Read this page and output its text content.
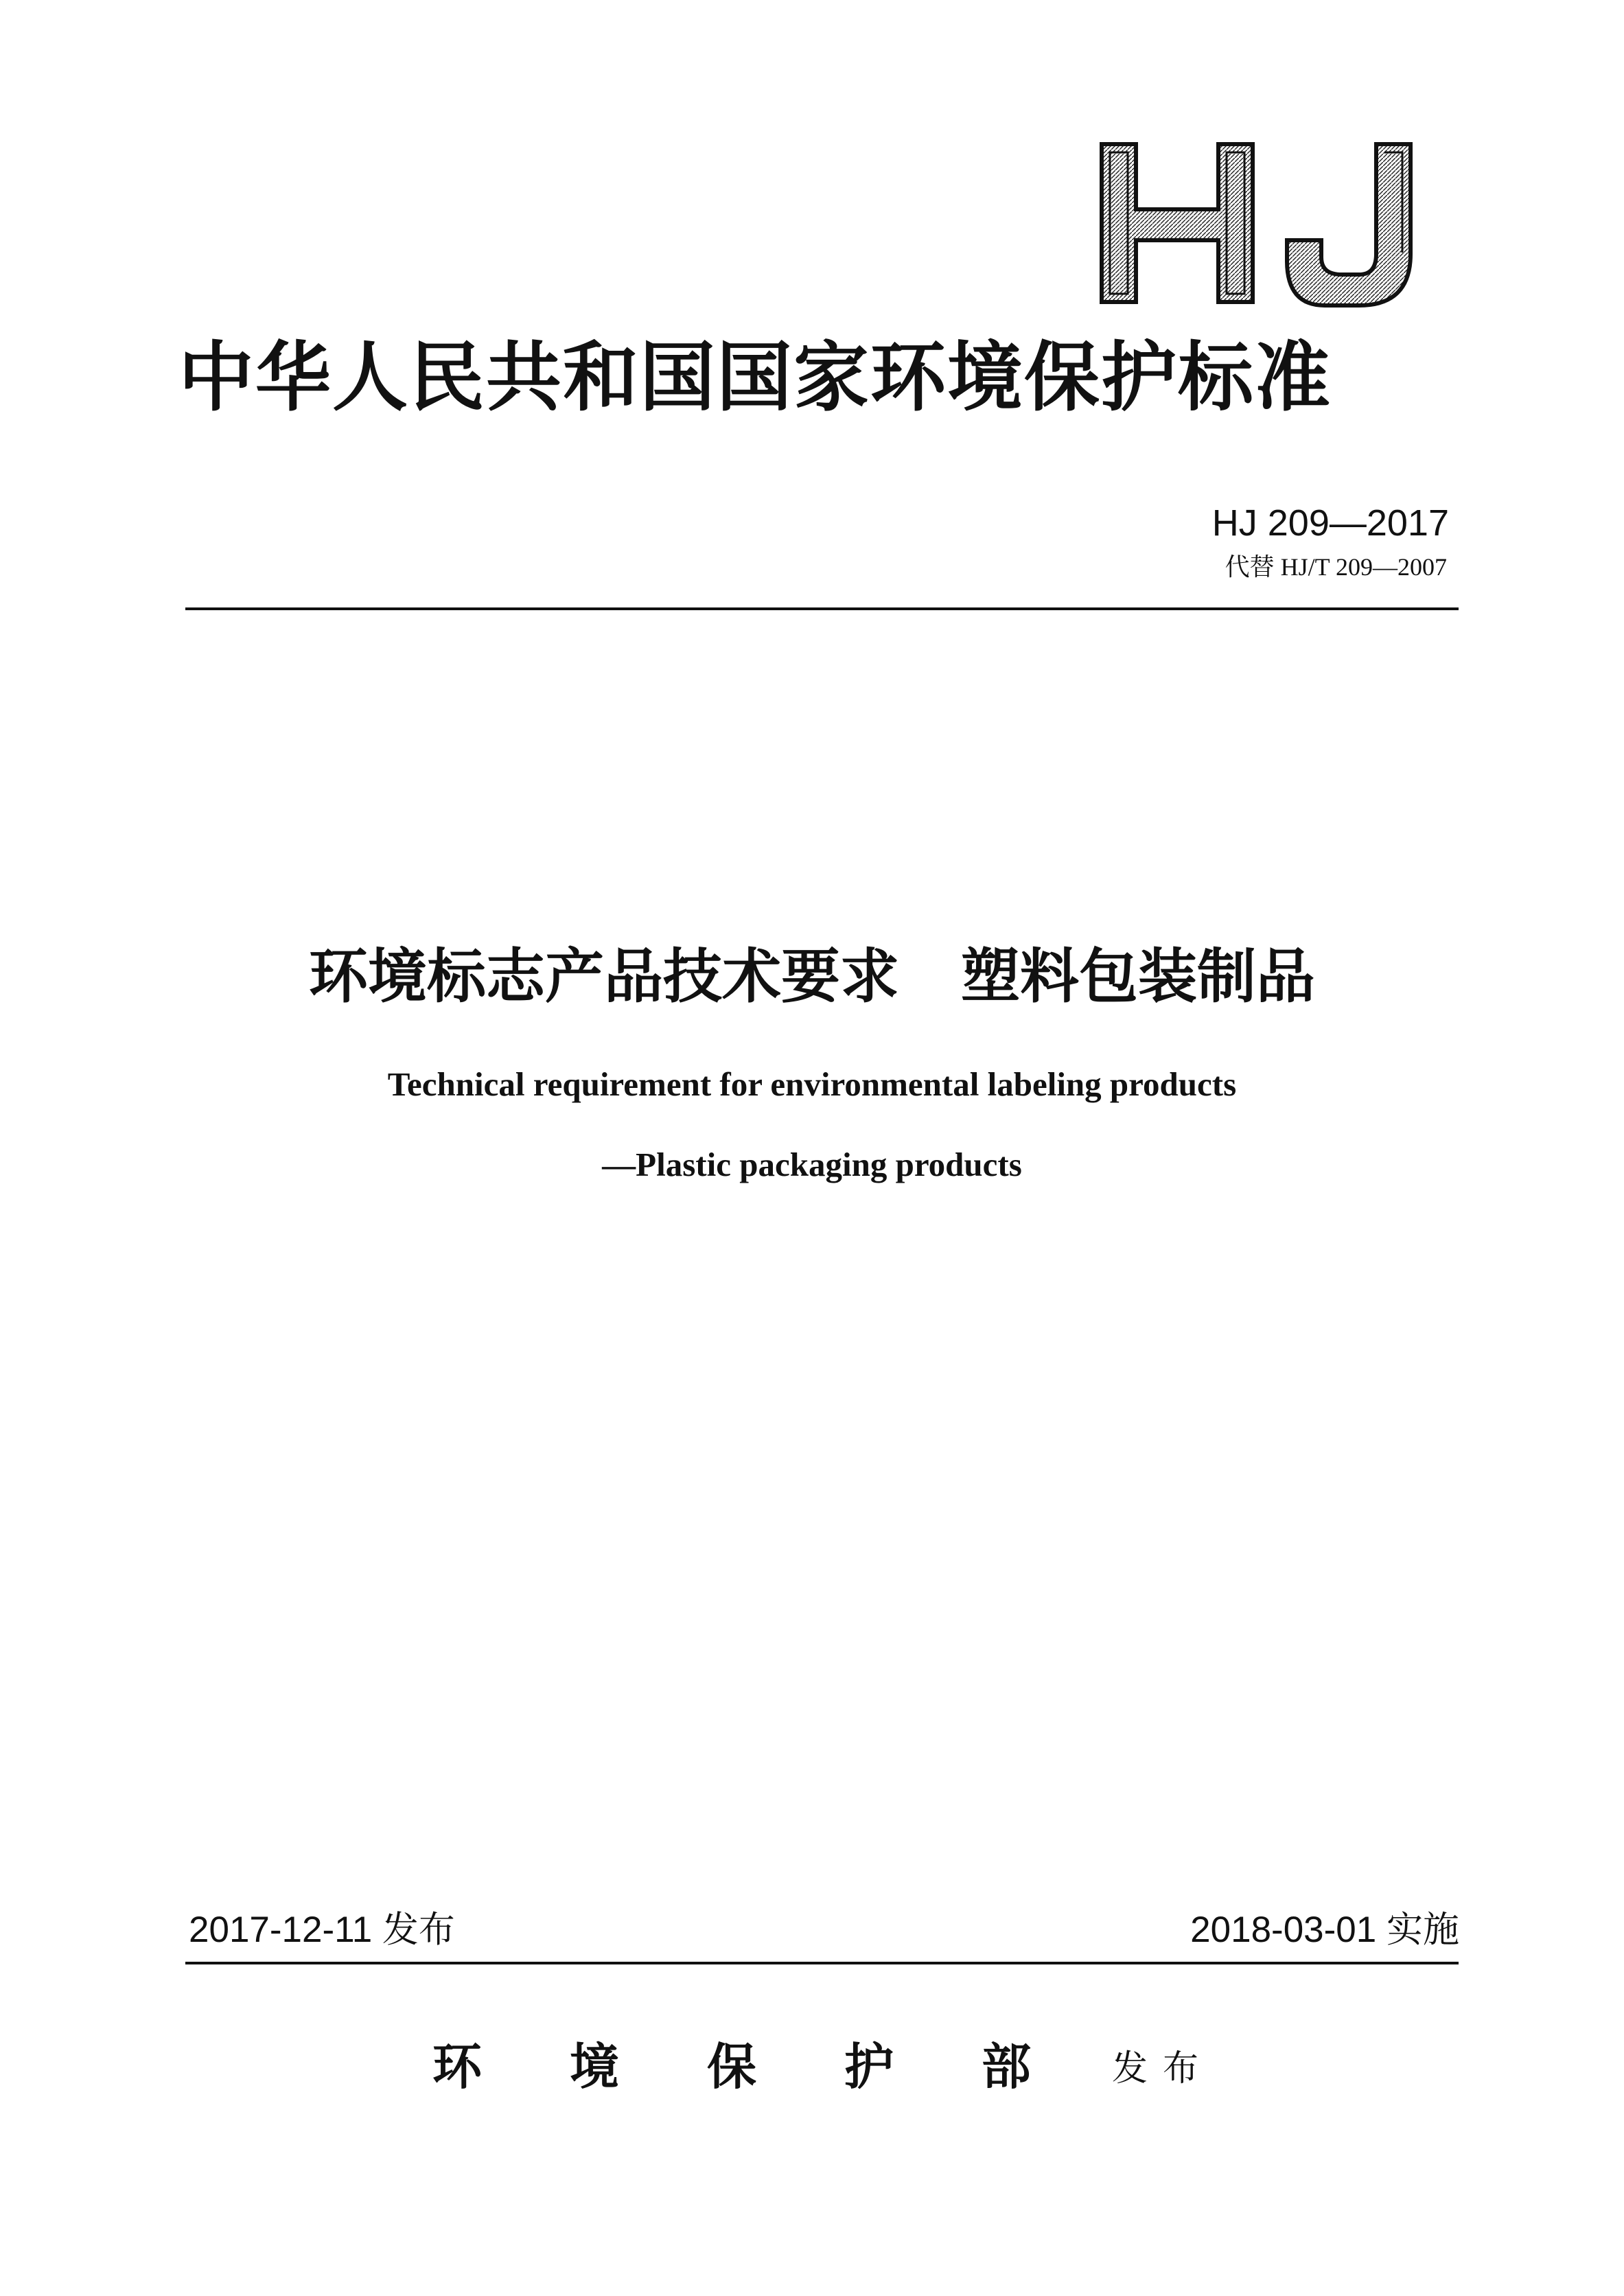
中华人民共和国国家环境保护标准
HJ 209—2017
代替 HJ/T 209—2007
环境标志产品技术要求 塑料包装制品
Technical requirement for environmental labeling products
—Plastic packaging products
2017-12-11 发布	2018-03-01 实施
环境保护部
发布
